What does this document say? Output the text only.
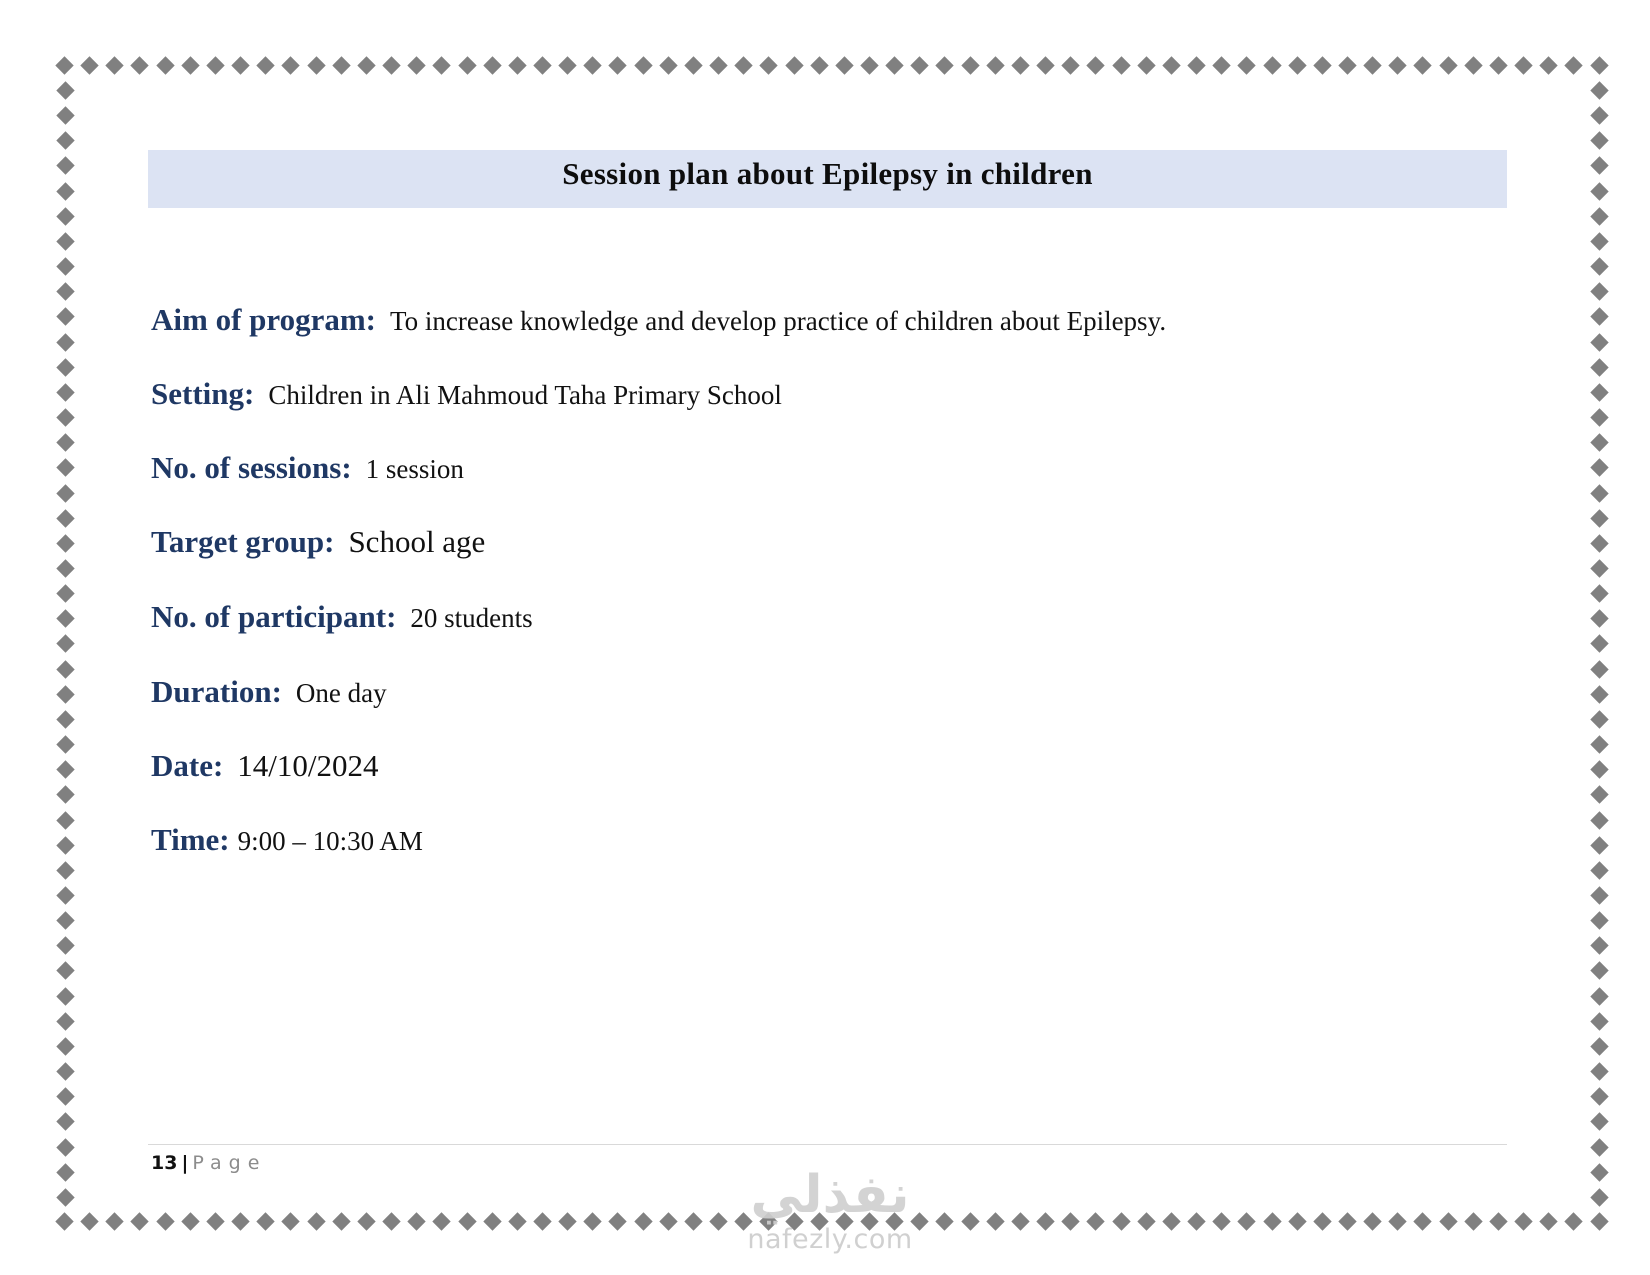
Session plan about Epilepsy in children
Aim of program: To increase knowledge and develop practice of children about Epilepsy.
Setting: Children in Ali Mahmoud Taha Primary School
No. of sessions: 1 session
Target group: School age
No. of participant: 20 students
Duration: One day
Date: 14/10/2024
Time: 9:00 – 10:30 AM
13 | Page
نفذلي
nafezly.com
